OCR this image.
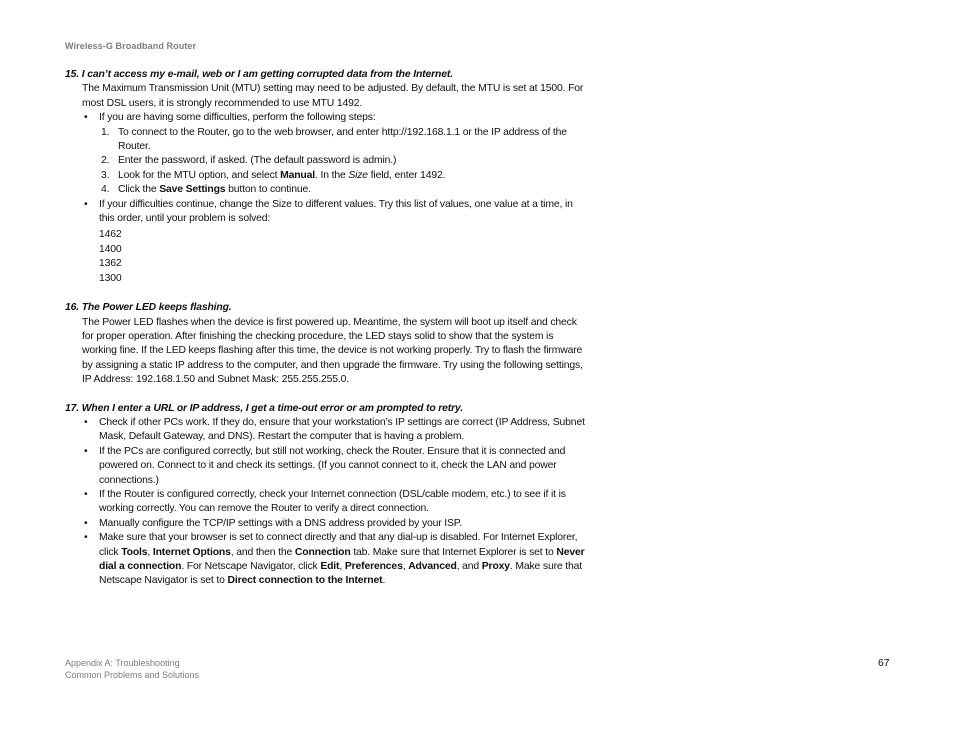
Wireless-G Broadband Router

15. I can’t access my e-mail, web or I am getting corrupted data from the Internet.

The Maximum Transmission Unit (MTU) setting may need to be adjusted. By default, the MTU is set at 1500. For most DSL users, it is strongly recommended to use MTU 1492.

• If you are having some difficulties, perform the following steps:
1. To connect to the Router, go to the web browser, and enter http://192.168.1.1 or the IP address of the Router.
2. Enter the password, if asked. (The default password is admin.)
3. Look for the MTU option, and select Manual. In the Size field, enter 1492.
4. Click the Save Settings button to continue.
• If your difficulties continue, change the Size to different values. Try this list of values, one value at a time, in this order, until your problem is solved:
1462
1400
1362
1300

16. The Power LED keeps flashing.

The Power LED flashes when the device is first powered up. Meantime, the system will boot up itself and check for proper operation. After finishing the checking procedure, the LED stays solid to show that the system is working fine. If the LED keeps flashing after this time, the device is not working properly. Try to flash the firmware by assigning a static IP address to the computer, and then upgrade the firmware. Try using the following settings, IP Address: 192.168.1.50 and Subnet Mask: 255.255.255.0.

17. When I enter a URL or IP address, I get a time-out error or am prompted to retry.

• Check if other PCs work. If they do, ensure that your workstation’s IP settings are correct (IP Address, Subnet Mask, Default Gateway, and DNS). Restart the computer that is having a problem.
• If the PCs are configured correctly, but still not working, check the Router. Ensure that it is connected and powered on. Connect to it and check its settings. (If you cannot connect to it, check the LAN and power connections.)
• If the Router is configured correctly, check your Internet connection (DSL/cable modem, etc.) to see if it is working correctly. You can remove the Router to verify a direct connection.
• Manually configure the TCP/IP settings with a DNS address provided by your ISP.
• Make sure that your browser is set to connect directly and that any dial-up is disabled. For Internet Explorer, click Tools, Internet Options, and then the Connection tab. Make sure that Internet Explorer is set to Never dial a connection. For Netscape Navigator, click Edit, Preferences, Advanced, and Proxy. Make sure that Netscape Navigator is set to Direct connection to the Internet.
Appendix A: Troubleshooting
Common Problems and Solutions
67
